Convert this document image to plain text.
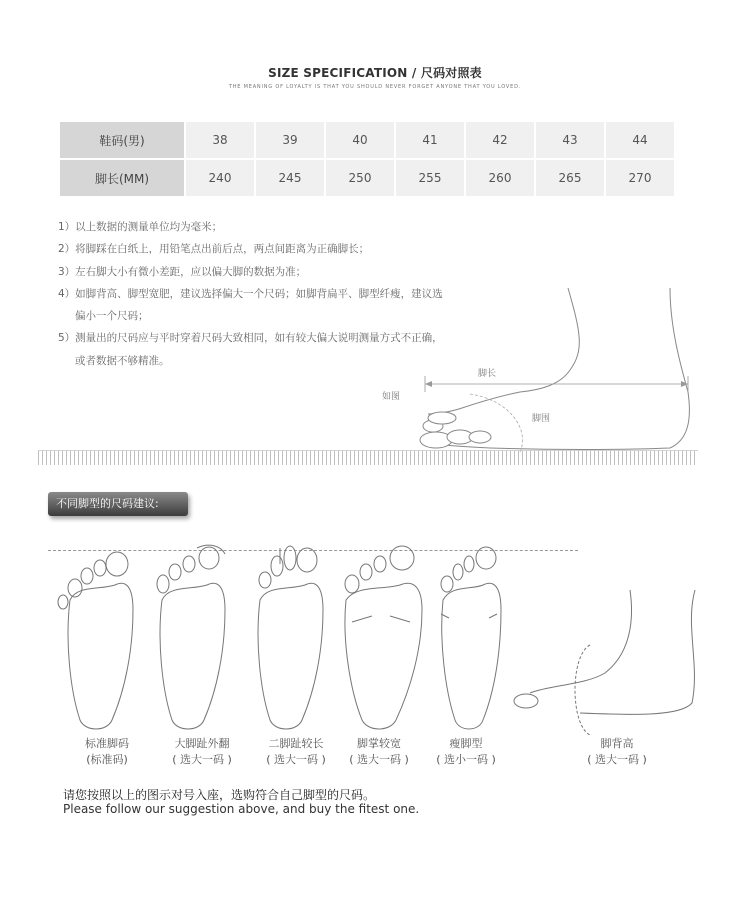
SIZE SPECIFICATION / 尺码对照表
THE MEANING OF LOYALTY IS THAT YOU SHOULD NEVER FORGET ANYONE THAT YOU LOVED.
鞋码(男)	38	39	40	41	42	43	44
脚长(MM)	240	245	250	255	260	265	270
1）以上数据的测量单位均为毫米；
2）将脚踩在白纸上，用铅笔点出前后点，两点间距离为正确脚长；
3）左右脚大小有微小差距，应以偏大脚的数据为准；
4）如脚背高、脚型宽肥，建议选择偏大一个尺码；如脚背扁平、脚型纤瘦，建议选
偏小一个尺码；
5）测量出的尺码应与平时穿着尺码大致相同，如有较大偏大说明测量方式不正确，
或者数据不够精准。
脚长
如图
脚围
不同脚型的尺码建议:
标准脚码
(标准码)
大脚趾外翻
( 选大一码 )
二脚趾较长
( 选大一码 )
脚掌较宽
( 选大一码 )
瘦脚型
( 选小一码 )
脚背高
( 选大一码 )
请您按照以上的图示对号入座，选购符合自己脚型的尺码。
Please follow our suggestion above, and buy the fitest one.
